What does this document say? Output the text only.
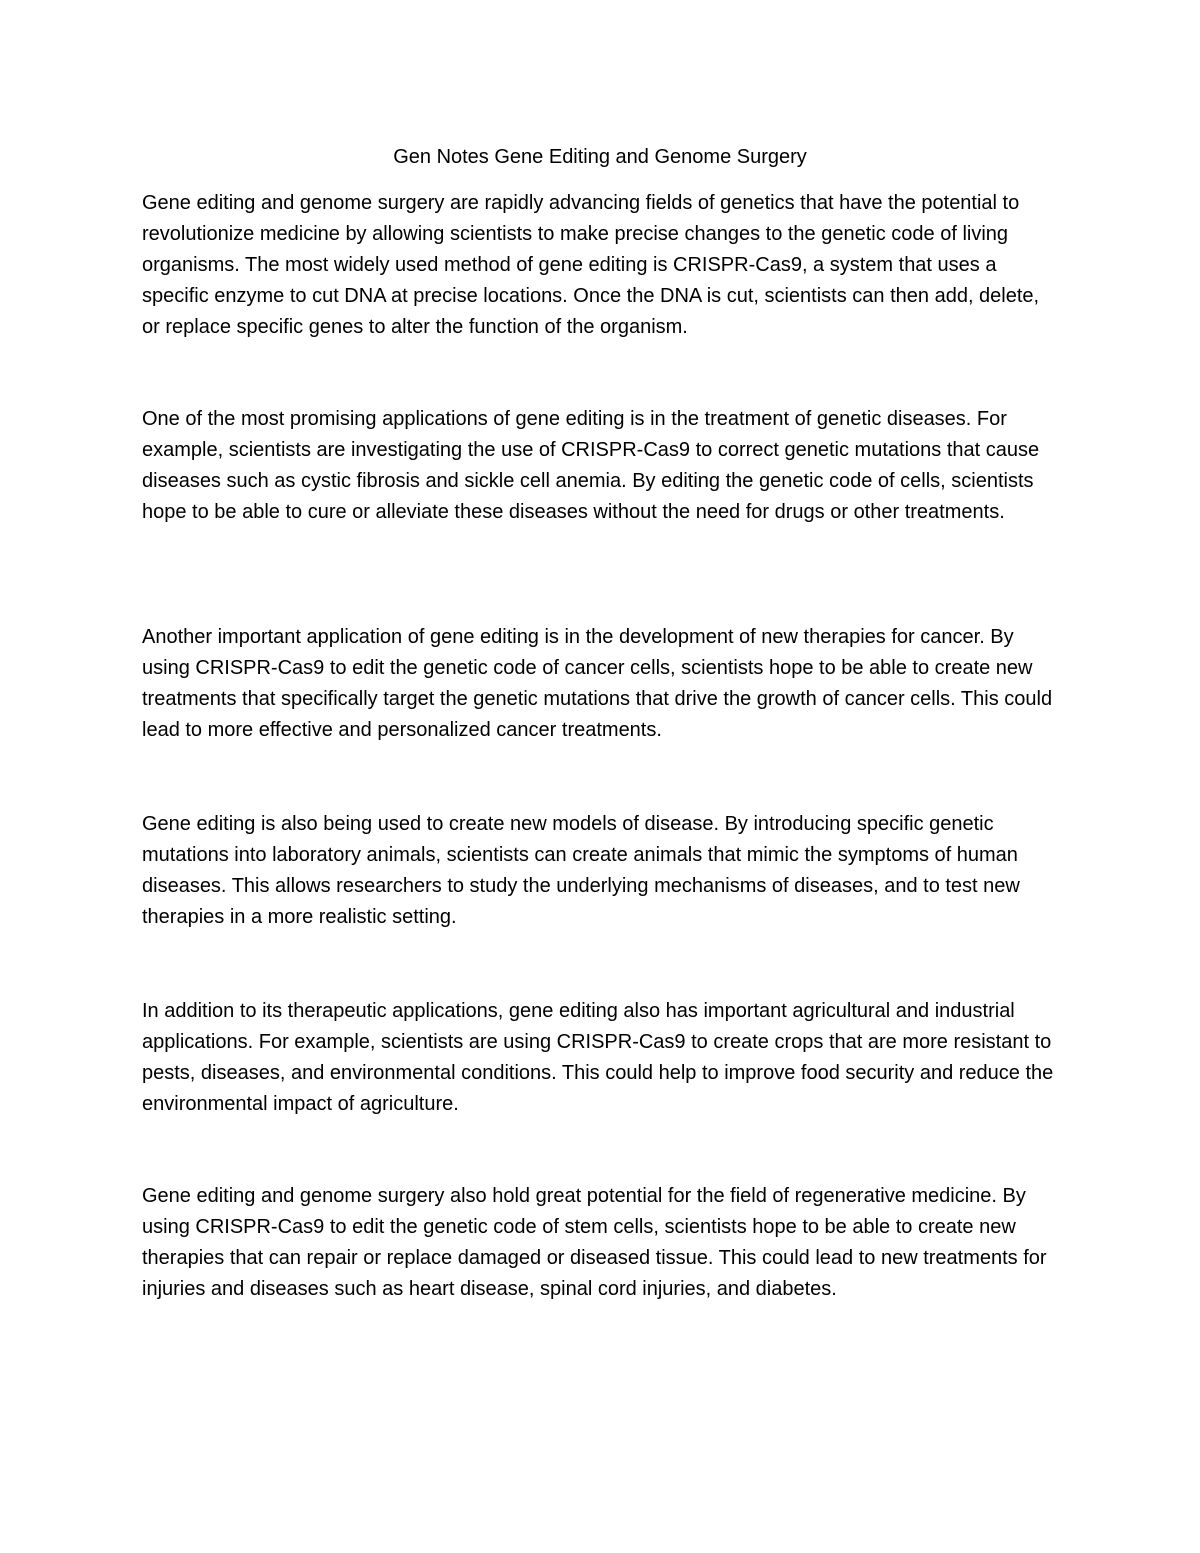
Gen Notes Gene Editing and Genome Surgery

Gene editing and genome surgery are rapidly advancing fields of genetics that have the potential to revolutionize medicine by allowing scientists to make precise changes to the genetic code of living organisms. The most widely used method of gene editing is CRISPR-Cas9, a system that uses a specific enzyme to cut DNA at precise locations. Once the DNA is cut, scientists can then add, delete, or replace specific genes to alter the function of the organism.

One of the most promising applications of gene editing is in the treatment of genetic diseases. For example, scientists are investigating the use of CRISPR-Cas9 to correct genetic mutations that cause diseases such as cystic fibrosis and sickle cell anemia. By editing the genetic code of cells, scientists hope to be able to cure or alleviate these diseases without the need for drugs or other treatments.

Another important application of gene editing is in the development of new therapies for cancer. By using CRISPR-Cas9 to edit the genetic code of cancer cells, scientists hope to be able to create new treatments that specifically target the genetic mutations that drive the growth of cancer cells. This could lead to more effective and personalized cancer treatments.

Gene editing is also being used to create new models of disease. By introducing specific genetic mutations into laboratory animals, scientists can create animals that mimic the symptoms of human diseases. This allows researchers to study the underlying mechanisms of diseases, and to test new therapies in a more realistic setting.

In addition to its therapeutic applications, gene editing also has important agricultural and industrial applications. For example, scientists are using CRISPR-Cas9 to create crops that are more resistant to pests, diseases, and environmental conditions. This could help to improve food security and reduce the environmental impact of agriculture.

Gene editing and genome surgery also hold great potential for the field of regenerative medicine. By using CRISPR-Cas9 to edit the genetic code of stem cells, scientists hope to be able to create new therapies that can repair or replace damaged or diseased tissue. This could lead to new treatments for injuries and diseases such as heart disease, spinal cord injuries, and diabetes.
